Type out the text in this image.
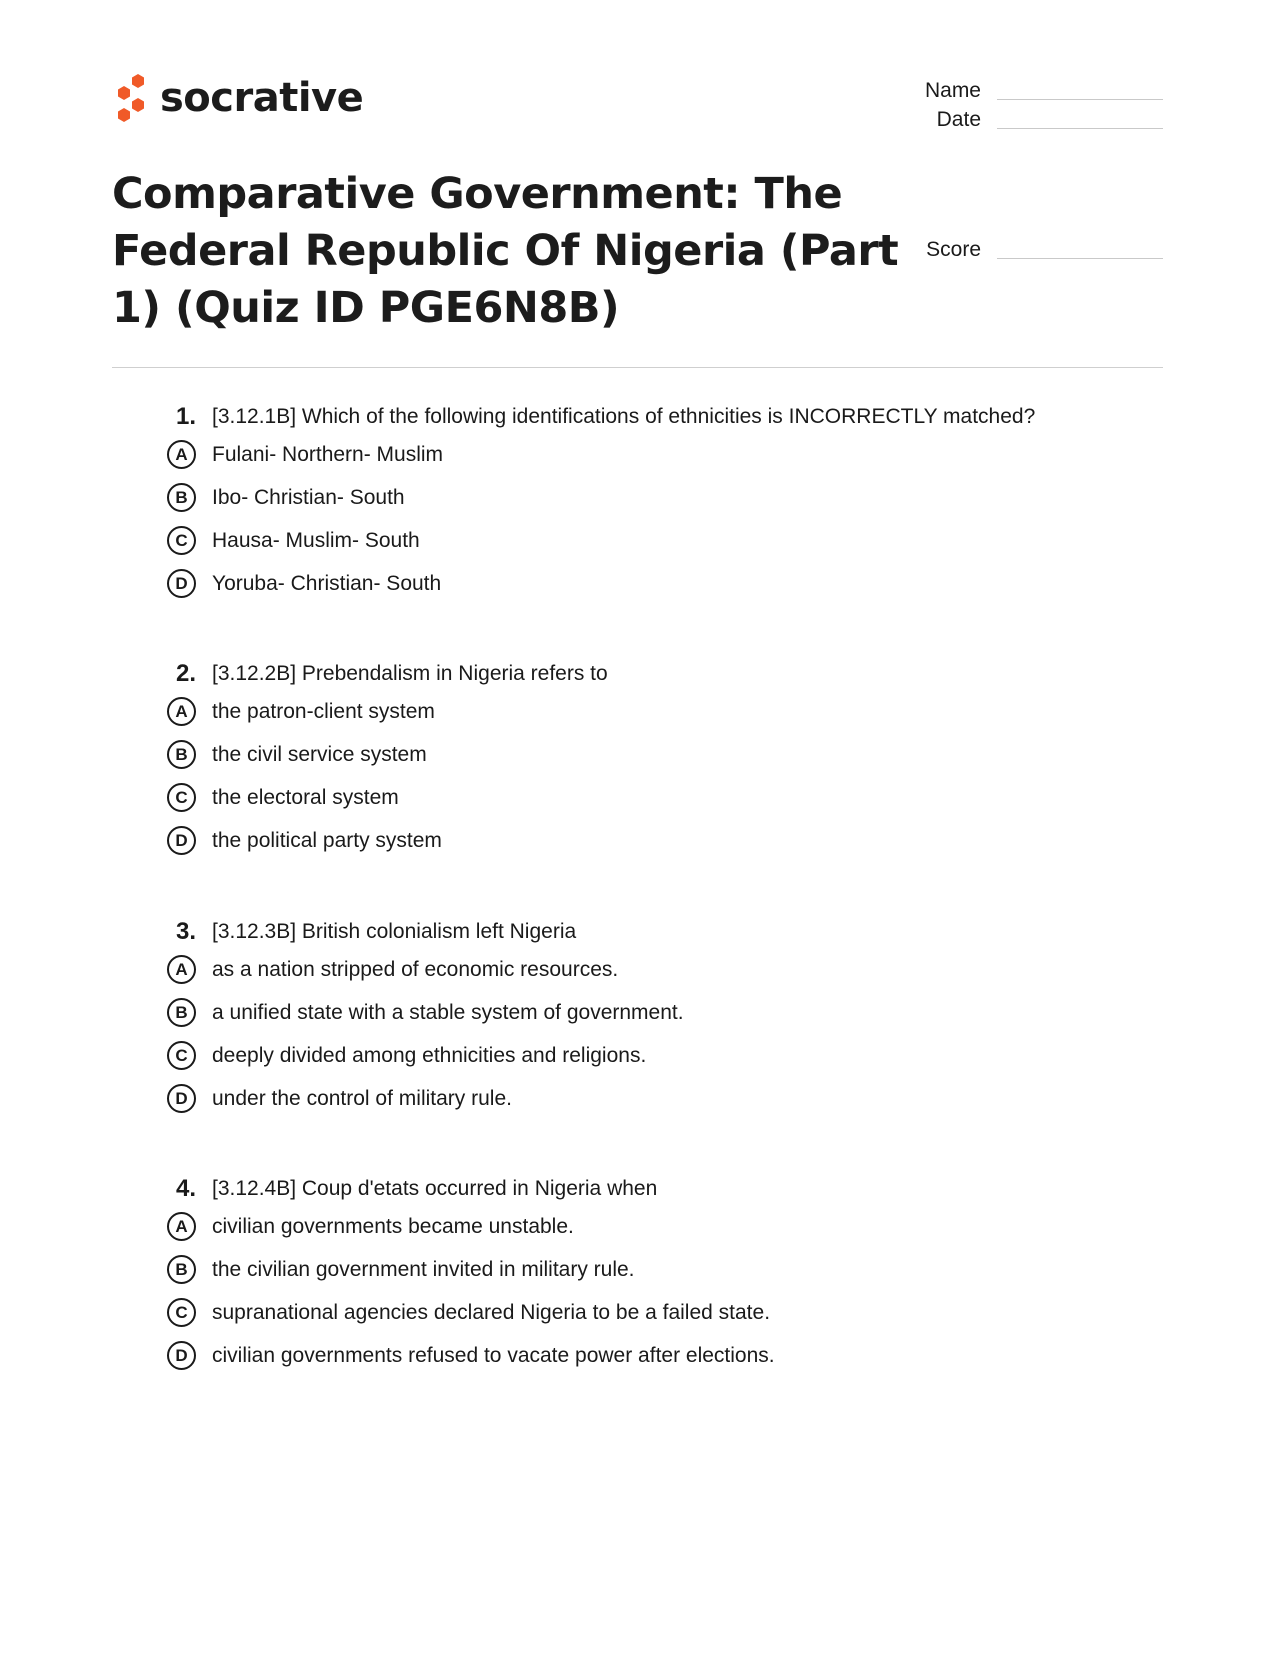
socrative	Name
Date
Score
Comparative Government: The Federal Republic Of Nigeria (Part 1) (Quiz ID PGE6N8B)
1. [3.12.1B] Which of the following identifications of ethnicities is INCORRECTLY matched?
A	Fulani- Northern- Muslim
B	Ibo- Christian- South
C	Hausa- Muslim- South
D	Yoruba- Christian- South
2. [3.12.2B] Prebendalism in Nigeria refers to
A	the patron-client system
B	the civil service system
C	the electoral system
D	the political party system
3. [3.12.3B] British colonialism left Nigeria
A	as a nation stripped of economic resources.
B	a unified state with a stable system of government.
C	deeply divided among ethnicities and religions.
D	under the control of military rule.
4. [3.12.4B] Coup d'etats occurred in Nigeria when
A	civilian governments became unstable.
B	the civilian government invited in military rule.
C	supranational agencies declared Nigeria to be a failed state.
D	civilian governments refused to vacate power after elections.
